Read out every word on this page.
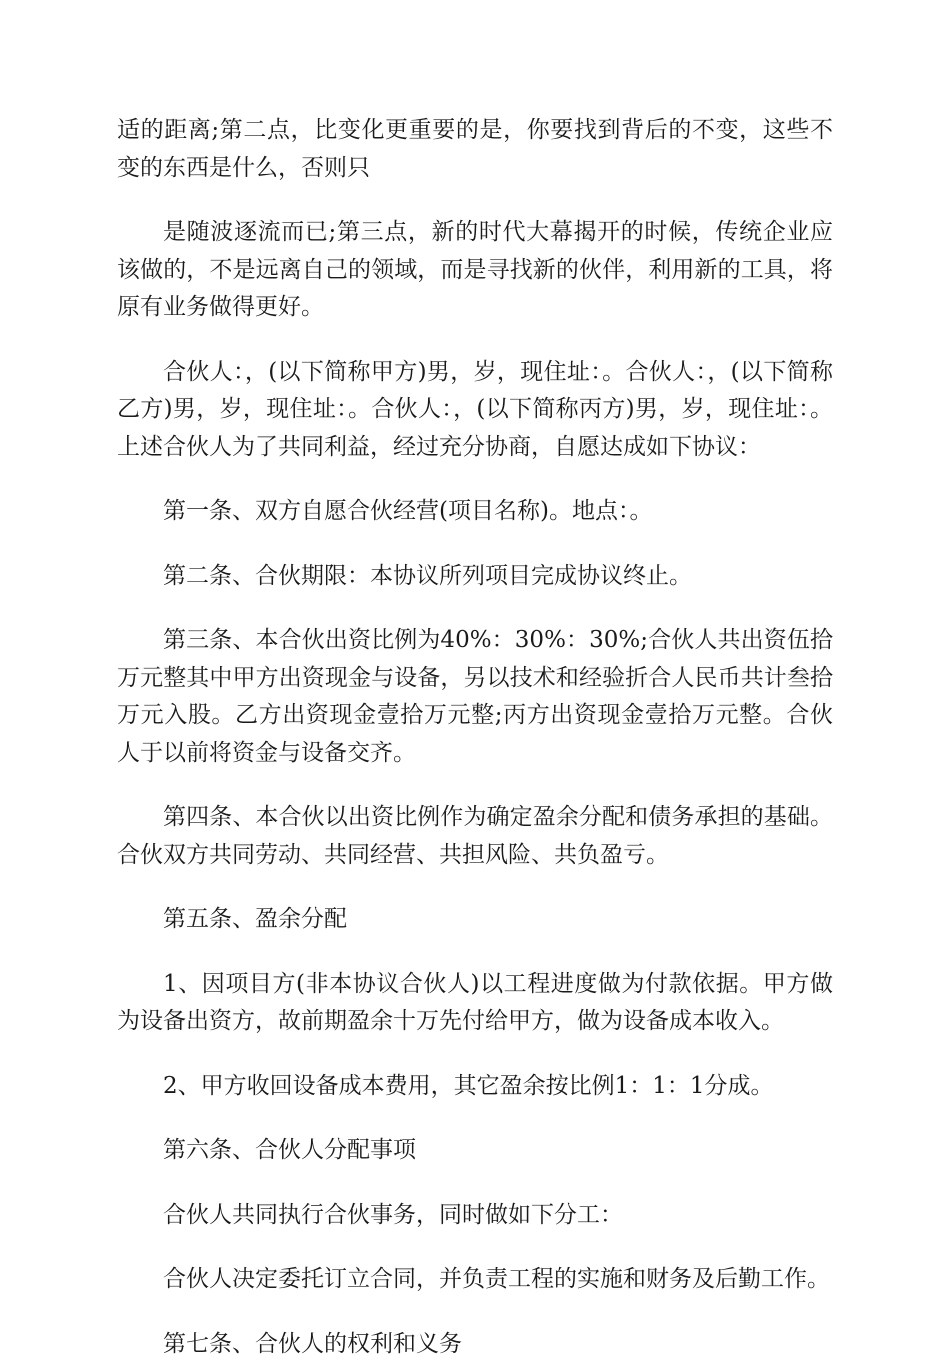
适的距离;第二点，比变化更重要的是，你要找到背后的不变，这些不变的东西是什么，否则只

是随波逐流而已;第三点，新的时代大幕揭开的时候，传统企业应该做的，不是远离自己的领域，而是寻找新的伙伴，利用新的工具，将原有业务做得更好。

合伙人：，(以下简称甲方)男，岁，现住址：。合伙人：，(以下简称乙方)男，岁，现住址：。合伙人：，(以下简称丙方)男，岁，现住址：。上述合伙人为了共同利益，经过充分协商，自愿达成如下协议：

第一条、双方自愿合伙经营(项目名称)。地点：。

第二条、合伙期限：本协议所列项目完成协议终止。

第三条、本合伙出资比例为40%：30%：30%;合伙人共出资伍拾万元整其中甲方出资现金与设备，另以技术和经验折合人民币共计叁拾万元入股。乙方出资现金壹拾万元整;丙方出资现金壹拾万元整。合伙人于以前将资金与设备交齐。

第四条、本合伙以出资比例作为确定盈余分配和债务承担的基础。合伙双方共同劳动、共同经营、共担风险、共负盈亏。

第五条、盈余分配

1、因项目方(非本协议合伙人)以工程进度做为付款依据。甲方做为设备出资方，故前期盈余十万先付给甲方，做为设备成本收入。

2、甲方收回设备成本费用，其它盈余按比例1：1：1分成。

第六条、合伙人分配事项

合伙人共同执行合伙事务，同时做如下分工：

合伙人决定委托订立合同，并负责工程的实施和财务及后勤工作。

第七条、合伙人的权利和义务
